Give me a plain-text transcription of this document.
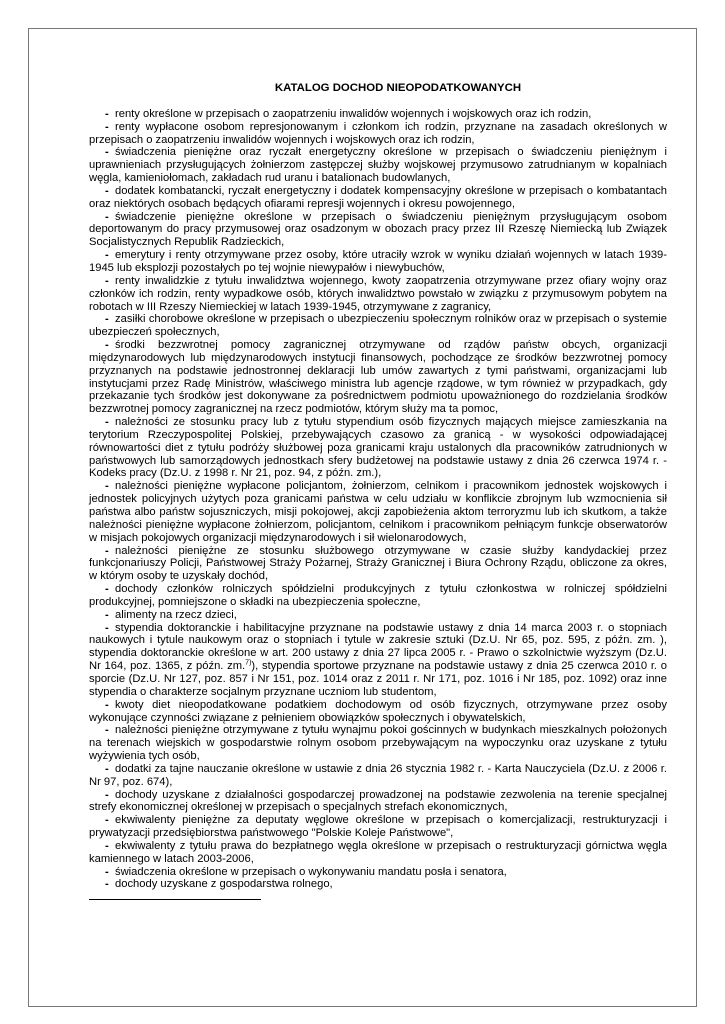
KATALOG DOCHOD NIEOPODATKOWANYCH

- renty określone w przepisach o zaopatrzeniu inwalidów wojennych i wojskowych oraz ich rodzin,

- renty wypłacone osobom represjonowanym i członkom ich rodzin, przyznane na zasadach określonych w przepisach o zaopatrzeniu inwalidów wojennych i wojskowych oraz ich rodzin,

- świadczenia pieniężne oraz ryczałt energetyczny określone w przepisach o świadczeniu pieniężnym i uprawnieniach przysługujących żołnierzom zastępczej służby wojskowej przymusowo zatrudnianym w kopalniach węgla, kamieniołomach, zakładach rud uranu i batalionach budowlanych,

- dodatek kombatancki, ryczałt energetyczny i dodatek kompensacyjny określone w przepisach o kombatantach oraz niektórych osobach będących ofiarami represji wojennych i okresu powojennego,

- świadczenie pieniężne określone w przepisach o świadczeniu pieniężnym przysługującym osobom deportowanym do pracy przymusowej oraz osadzonym w obozach pracy przez III Rzeszę Niemiecką lub Związek Socjalistycznych Republik Radzieckich,

- emerytury i renty otrzymywane przez osoby, które utraciły wzrok w wyniku działań wojennych w latach 1939-1945 lub eksplozji pozostałych po tej wojnie niewypałów i niewybuchów,

- renty inwalidzkie z tytułu inwalidztwa wojennego, kwoty zaopatrzenia otrzymywane przez ofiary wojny oraz członków ich rodzin, renty wypadkowe osób, których inwalidztwo powstało w związku z przymusowym pobytem na robotach w III Rzeszy Niemieckiej w latach 1939-1945, otrzymywane z zagranicy,

- zasiłki chorobowe określone w przepisach o ubezpieczeniu społecznym rolników oraz w przepisach o systemie ubezpieczeń społecznych,

- środki bezzwrotnej pomocy zagranicznej otrzymywane od rządów państw obcych, organizacji międzynarodowych lub międzynarodowych instytucji finansowych, pochodzące ze środków bezzwrotnej pomocy przyznanych na podstawie jednostronnej deklaracji lub umów zawartych z tymi państwami, organizacjami lub instytucjami przez Radę Ministrów, właściwego ministra lub agencje rządowe, w tym również w przypadkach, gdy przekazanie tych środków jest dokonywane za pośrednictwem podmiotu upoważnionego do rozdzielania środków bezzwrotnej pomocy zagranicznej na rzecz podmiotów, którym służy ma ta pomoc,

- należności ze stosunku pracy lub z tytułu stypendium osób fizycznych mających miejsce zamieszkania na terytorium Rzeczypospolitej Polskiej, przebywających czasowo za granicą - w wysokości odpowiadającej równowartości diet z tytułu podróży służbowej poza granicami kraju ustalonych dla pracowników zatrudnionych w państwowych lub samorządowych jednostkach sfery budżetowej na podstawie ustawy z dnia 26 czerwca 1974 r. - Kodeks pracy (Dz.U. z 1998 r. Nr 21, poz. 94, z późn. zm.),

- należności pieniężne wypłacone policjantom, żołnierzom, celnikom i pracownikom jednostek wojskowych i jednostek policyjnych użytych poza granicami państwa w celu udziału w konflikcie zbrojnym lub wzmocnienia sił państwa albo państw sojuszniczych, misji pokojowej, akcji zapobieżenia aktom terroryzmu lub ich skutkom, a także należności pieniężne wypłacone żołnierzom, policjantom, celnikom i pracownikom pełniącym funkcje obserwatorów w misjach pokojowych organizacji międzynarodowych i sił wielonarodowych,

- należności pieniężne ze stosunku służbowego otrzymywane w czasie służby kandydackiej przez funkcjonariuszy Policji, Państwowej Straży Pożarnej, Straży Granicznej i Biura Ochrony Rządu, obliczone za okres, w którym osoby te uzyskały dochód,

- dochody członków rolniczych spółdzielni produkcyjnych z tytułu członkostwa w rolniczej spółdzielni produkcyjnej, pomniejszone o składki na ubezpieczenia społeczne,

- alimenty na rzecz dzieci,

- stypendia doktoranckie i habilitacyjne przyznane na podstawie ustawy z dnia 14 marca 2003 r. o stopniach naukowych i tytule naukowym oraz o stopniach i tytule w zakresie sztuki (Dz.U. Nr 65, poz. 595, z późn. zm. ), stypendia doktoranckie określone w art. 200 ustawy z dnia 27 lipca 2005 r. - Prawo o szkolnictwie wyższym (Dz.U. Nr 164, poz. 1365, z późn. zm.$^{7)}$), stypendia sportowe przyznane na podstawie ustawy z dnia 25 czerwca 2010 r. o sporcie (Dz.U. Nr 127, poz. 857 i Nr 151, poz. 1014 oraz z 2011 r. Nr 171, poz. 1016 i Nr 185, poz. 1092) oraz inne stypendia o charakterze socjalnym przyznane uczniom lub studentom,

- kwoty diet nieopodatkowane podatkiem dochodowym od osób fizycznych, otrzymywane przez osoby wykonujące czynności związane z pełnieniem obowiązków społecznych i obywatelskich,

- należności pieniężne otrzymywane z tytułu wynajmu pokoi gościnnych w budynkach mieszkalnych położonych na terenach wiejskich w gospodarstwie rolnym osobom przebywającym na wypoczynku oraz uzyskane z tytułu wyżywienia tych osób,

- dodatki za tajne nauczanie określone w ustawie z dnia 26 stycznia 1982 r. - Karta Nauczyciela (Dz.U. z 2006 r. Nr 97, poz. 674),

- dochody uzyskane z działalności gospodarczej prowadzonej na podstawie zezwolenia na terenie specjalnej strefy ekonomicznej określonej w przepisach o specjalnych strefach ekonomicznych,

- ekwiwalenty pieniężne za deputaty węglowe określone w przepisach o komercjalizacji, restrukturyzacji i prywatyzacji przedsiębiorstwa państwowego "Polskie Koleje Państwowe",

- ekwiwalenty z tytułu prawa do bezpłatnego węgla określone w przepisach o restrukturyzacji górnictwa węgla kamiennego w latach 2003-2006,

- świadczenia określone w przepisach o wykonywaniu mandatu posła i senatora,

- dochody uzyskane z gospodarstwa rolnego,
